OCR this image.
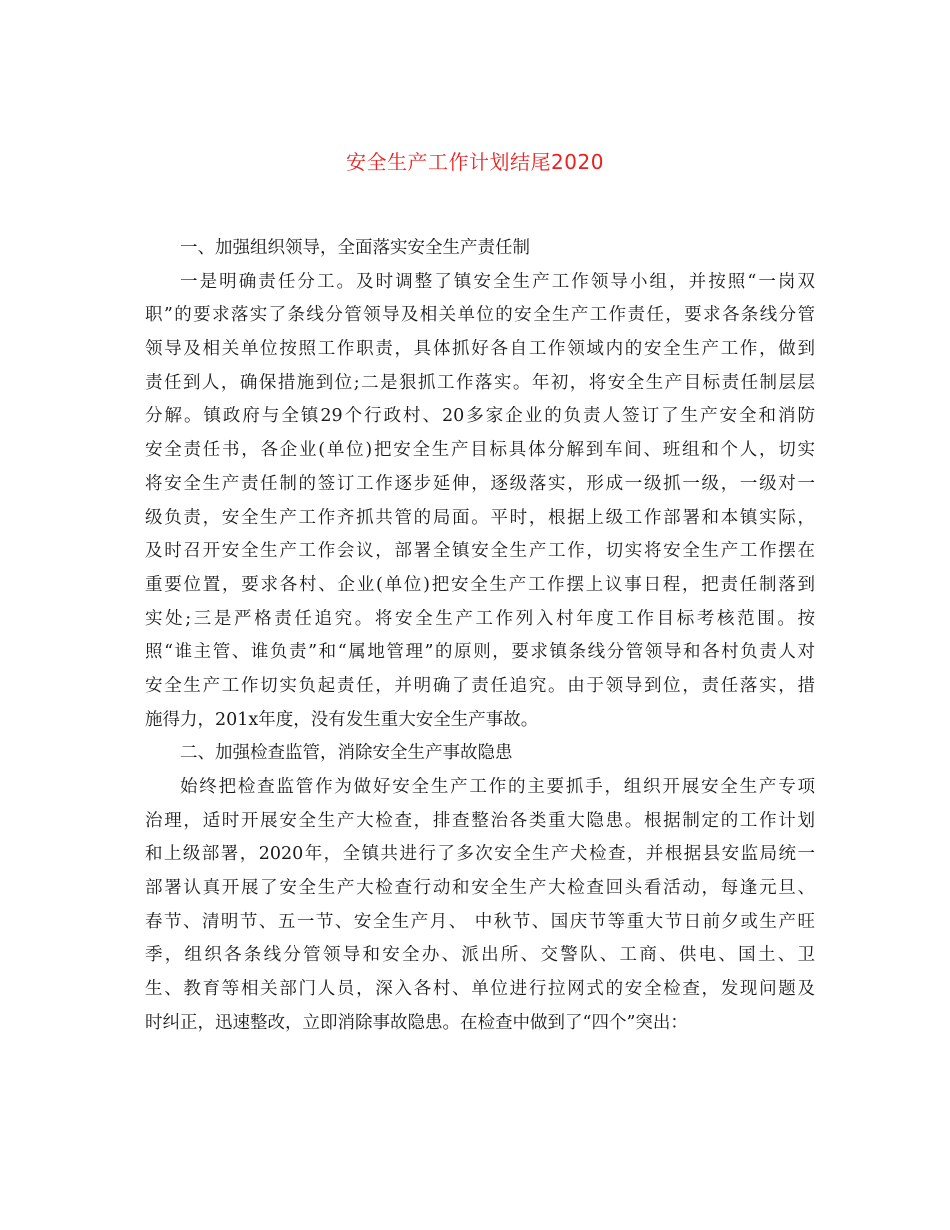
安全生产工作计划结尾2020
一、加强组织领导，全面落实安全生产责任制
一是明确责任分工。及时调整了镇安全生产工作领导小组，并按照“一岗双
职”的要求落实了条线分管领导及相关单位的安全生产工作责任，要求各条线分管
领导及相关单位按照工作职责，具体抓好各自工作领域内的安全生产工作，做到
责任到人，确保措施到位;二是狠抓工作落实。年初，将安全生产目标责任制层层
分解。镇政府与全镇29个行政村、20多家企业的负责人签订了生产安全和消防
安全责任书，各企业(单位)把安全生产目标具体分解到车间、班组和个人，切实
将安全生产责任制的签订工作逐步延伸，逐级落实，形成一级抓一级，一级对一
级负责，安全生产工作齐抓共管的局面。平时，根据上级工作部署和本镇实际，
及时召开安全生产工作会议，部署全镇安全生产工作，切实将安全生产工作摆在
重要位置，要求各村、企业(单位)把安全生产工作摆上议事日程，把责任制落到
实处;三是严格责任追究。将安全生产工作列入村年度工作目标考核范围。按
照“谁主管、谁负责”和“属地管理”的原则，要求镇条线分管领导和各村负责人对
安全生产工作切实负起责任，并明确了责任追究。由于领导到位，责任落实，措
施得力，201x年度，没有发生重大安全生产事故。
二、加强检查监管，消除安全生产事故隐患
始终把检查监管作为做好安全生产工作的主要抓手，组织开展安全生产专项
治理，适时开展安全生产大检查，排查整治各类重大隐患。根据制定的工作计划
和上级部署，2020年，全镇共进行了多次安全生产犬检查，并根据县安监局统一
部署认真开展了安全生产大检查行动和安全生产大检查回头看活动，每逢元旦、
春节、清明节、五一节、安全生产月、 中秋节、国庆节等重大节日前夕或生产旺
季，组织各条线分管领导和安全办、派出所、交警队、工商、供电、国土、卫
生、教育等相关部门人员，深入各村、单位进行拉网式的安全检查，发现问题及
时纠正，迅速整改，立即消除事故隐患。在检查中做到了“四个”突出：
